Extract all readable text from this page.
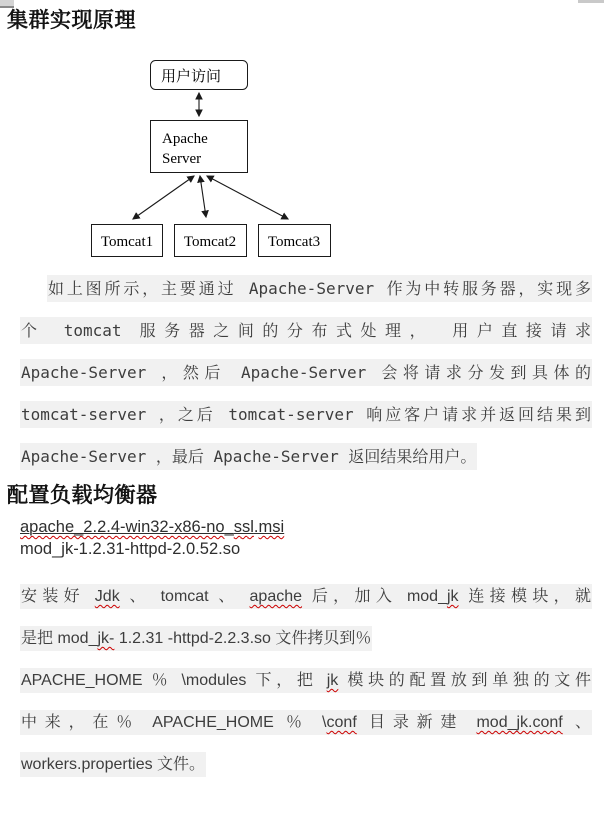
集群实现原理
用户访问
Apache
Server
Tomcat1 Tomcat2 Tomcat3
如上图所示，主要通过 Apache-Server 作为中转服务器，实现多
个 tomcat 服务器之间的分布式处理， 用户直接请求
Apache-Server ，然后 Apache-Server 会将请求分发到具体的
tomcat-server ，之后 tomcat-server 响应客户请求并返回结果到
Apache-Server ，最后 Apache-Server 返回结果给用户。
配置负载均衡器
apache_2.2.4-win32-x86-no_ssl.msi
mod_jk-1.2.31-httpd-2.0.52.so
安装好 Jdk 、 tomcat 、 apache 后，加入 mod_jk 连接模块，就
是把 mod_jk- 1.2.31 -httpd-2.2.3.so 文件拷贝到％
APACHE_HOME ％ \modules 下，把 jk 模块的配置放到单独的文件
中来，在％ APACHE_HOME ％ \conf 目录新建 mod_jk.conf 、
workers.properties 文件。
